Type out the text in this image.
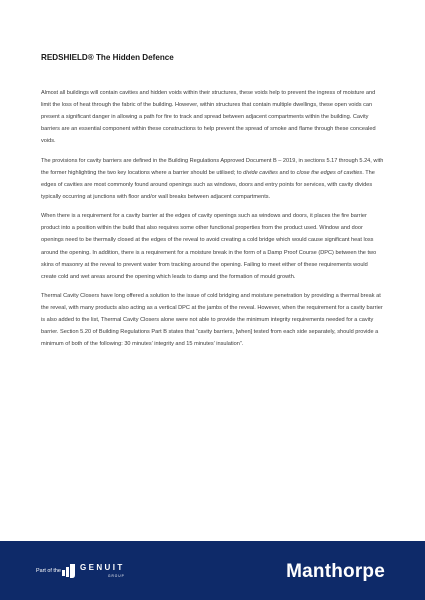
REDSHIELD® The Hidden Defence

Almost all buildings will contain cavities and hidden voids within their structures, these voids help to prevent the ingress of moisture and limit the loss of heat through the fabric of the building. However, within structures that contain multiple dwellings, these open voids can present a significant danger in allowing a path for fire to track and spread between adjacent compartments within the building. Cavity barriers are an essential component within these constructions to help prevent the spread of smoke and flame through these concealed voids.

The provisions for cavity barriers are defined in the Building Regulations Approved Document B – 2019, in sections 5.17 through 5.24, with the former highlighting the two key locations where a barrier should be utilised; to divide cavities and to close the edges of cavities. The edges of cavities are most commonly found around openings such as windows, doors and entry points for services, with cavity divides typically occurring at junctions with floor and/or wall breaks between adjacent compartments.

When there is a requirement for a cavity barrier at the edges of cavity openings such as windows and doors, it places the fire barrier product into a position within the build that also requires some other functional properties from the product used. Window and door openings need to be thermally closed at the edges of the reveal to avoid creating a cold bridge which would cause significant heat loss around the opening. In addition, there is a requirement for a moisture break in the form of a Damp Proof Course (DPC) between the two skins of masonry at the reveal to prevent water from tracking around the opening. Failing to meet either of these requirements would create cold and wet areas around the opening which leads to damp and the formation of mould growth.

Thermal Cavity Closers have long offered a solution to the issue of cold bridging and moisture penetration by providing a thermal break at the reveal, with many products also acting as a vertical DPC at the jambs of the reveal. However, when the requirement for a cavity barrier is also added to the list, Thermal Cavity Closers alone were not able to provide the minimum integrity requirements needed for a cavity barrier. Section 5.20 of Building Regulations Part B states that “cavity barriers, [when] tested from each side separately, should provide a minimum of both of the following: 30 minutes’ integrity and 15 minutes’ insulation”.

Part of the GENUIT
GROUP	Manthorpe
